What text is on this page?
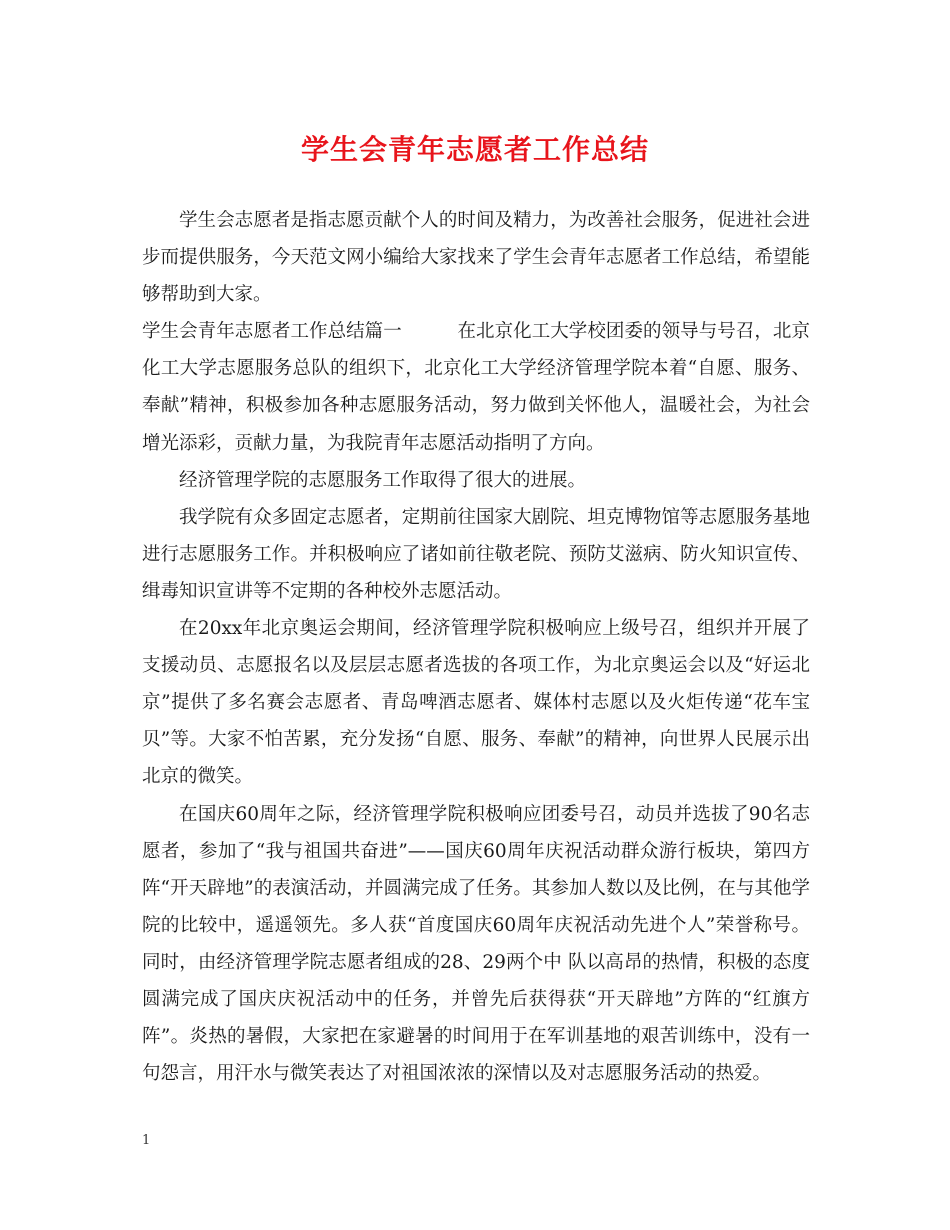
学生会青年志愿者工作总结

学生会志愿者是指志愿贡献个人的时间及精力，为改善社会服务，促进社会进步而提供服务，今天范文网小编给大家找来了学生会青年志愿者工作总结，希望能够帮助到大家。

学生会青年志愿者工作总结篇一　　　在北京化工大学校团委的领导与号召，北京化工大学志愿服务总队的组织下，北京化工大学经济管理学院本着“自愿、服务、奉献”精神，积极参加各种志愿服务活动，努力做到关怀他人，温暖社会，为社会增光添彩，贡献力量，为我院青年志愿活动指明了方向。

经济管理学院的志愿服务工作取得了很大的进展。

我学院有众多固定志愿者，定期前往国家大剧院、坦克博物馆等志愿服务基地进行志愿服务工作。并积极响应了诸如前往敬老院、预防艾滋病、防火知识宣传、缉毒知识宣讲等不定期的各种校外志愿活动。

在20xx年北京奥运会期间，经济管理学院积极响应上级号召，组织并开展了支援动员、志愿报名以及层层志愿者选拔的各项工作，为北京奥运会以及“好运北京”提供了多名赛会志愿者、青岛啤酒志愿者、媒体村志愿以及火炬传递“花车宝贝”等。大家不怕苦累，充分发扬“自愿、服务、奉献”的精神，向世界人民展示出北京的微笑。

在国庆60周年之际，经济管理学院积极响应团委号召，动员并选拔了90名志愿者，参加了“我与祖国共奋进”——国庆60周年庆祝活动群众游行板块，第四方阵“开天辟地”的表演活动，并圆满完成了任务。其参加人数以及比例，在与其他学院的比较中，遥遥领先。多人获“首度国庆60周年庆祝活动先进个人”荣誉称号。同时，由经济管理学院志愿者组成的28、29两个中 队以高昂的热情，积极的态度圆满完成了国庆庆祝活动中的任务，并曾先后获得获“开天辟地”方阵的“红旗方阵”。炎热的暑假，大家把在家避暑的时间用于在军训基地的艰苦训练中，没有一句怨言，用汗水与微笑表达了对祖国浓浓的深情以及对志愿服务活动的热爱。

1
